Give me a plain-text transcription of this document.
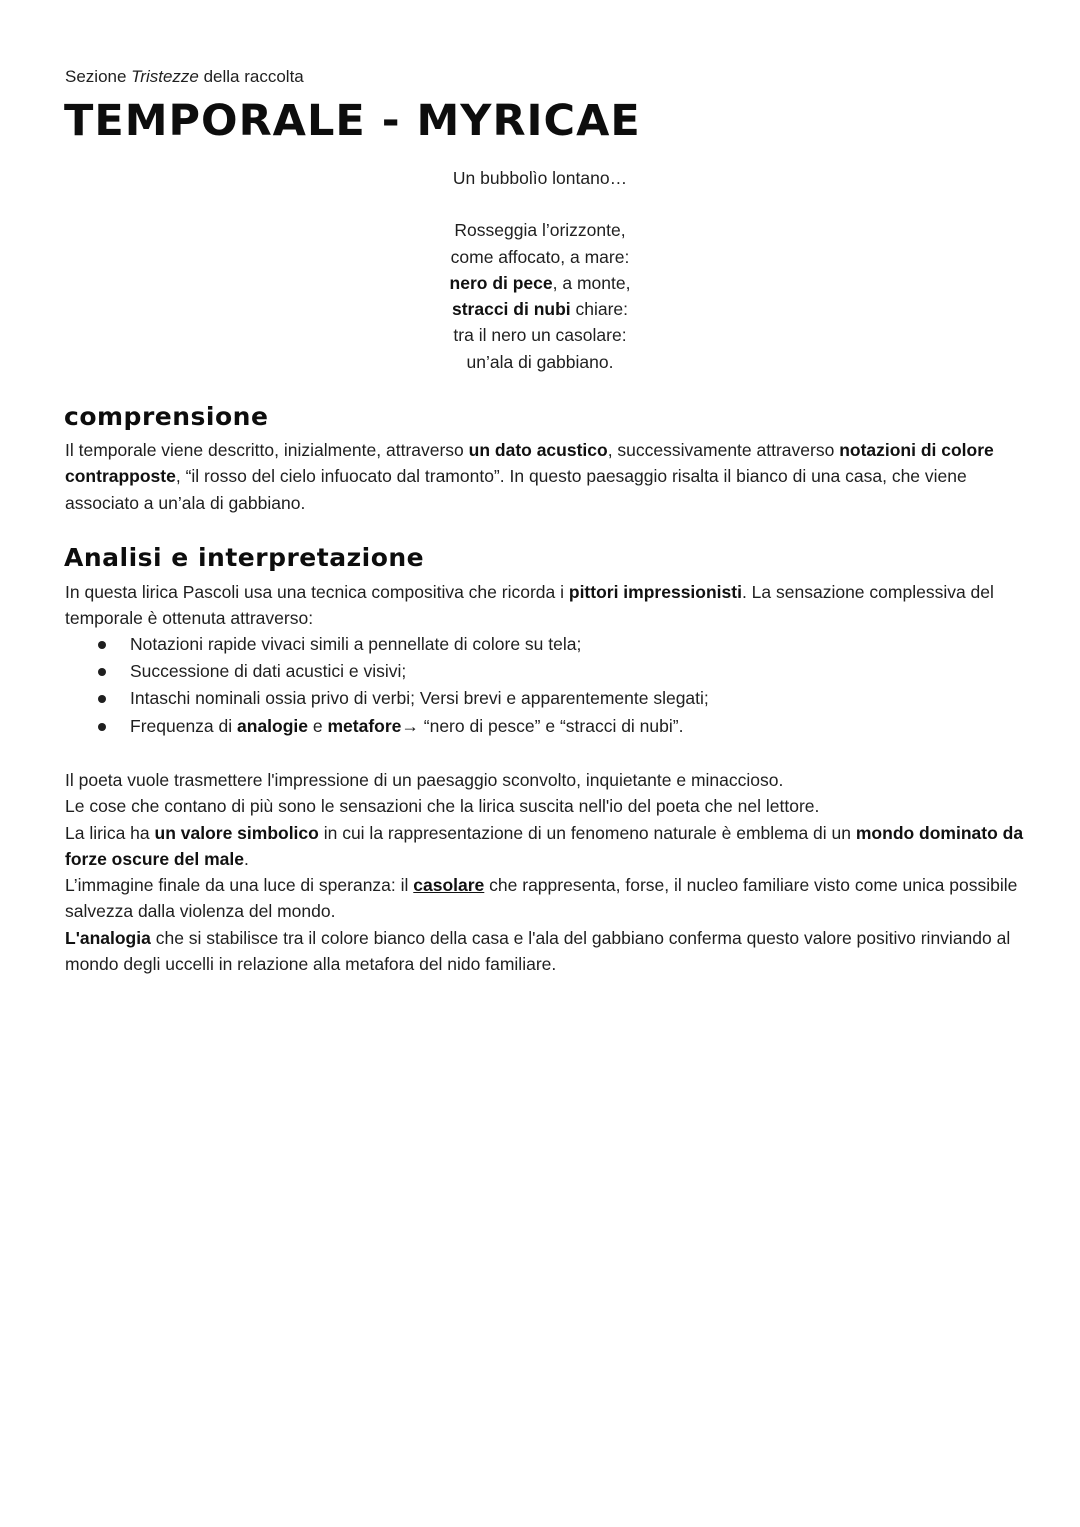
Sezione Tristezze della raccolta
TEMPORALE - MYRICAE
Un bubbolìo lontano…
Rosseggia l’orizzonte,
come affocato, a mare:
nero di pece, a monte,
stracci di nubi chiare:
tra il nero un casolare:
un’ala di gabbiano.
comprensione

Il temporale viene descritto, inizialmente, attraverso un dato acustico, successivamente attraverso notazioni di colore contrapposte, “il rosso del cielo infuocato dal tramonto”. In questo paesaggio risalta il bianco di una casa, che viene associato a un’ala di gabbiano.

Analisi e interpretazione

In questa lirica Pascoli usa una tecnica compositiva che ricorda i pittori impressionisti. La sensazione complessiva del temporale è ottenuta attraverso:

Notazioni rapide vivaci simili a pennellate di colore su tela;
Successione di dati acustici e visivi;
Intaschi nominali ossia privo di verbi; Versi brevi e apparentemente slegati;
Frequenza di analogie e metafore→ “nero di pesce” e “stracci di nubi”.
Il poeta vuole trasmettere l'impressione di un paesaggio sconvolto, inquietante e minaccioso.
Le cose che contano di più sono le sensazioni che la lirica suscita nell'io del poeta che nel lettore.
La lirica ha un valore simbolico in cui la rappresentazione di un fenomeno naturale è emblema di un mondo dominato da forze oscure del male.
L’immagine finale da una luce di speranza: il casolare che rappresenta, forse, il nucleo familiare visto come unica possibile salvezza dalla violenza del mondo.
L'analogia che si stabilisce tra il colore bianco della casa e l'ala del gabbiano conferma questo valore positivo rinviando al mondo degli uccelli in relazione alla metafora del nido familiare.
